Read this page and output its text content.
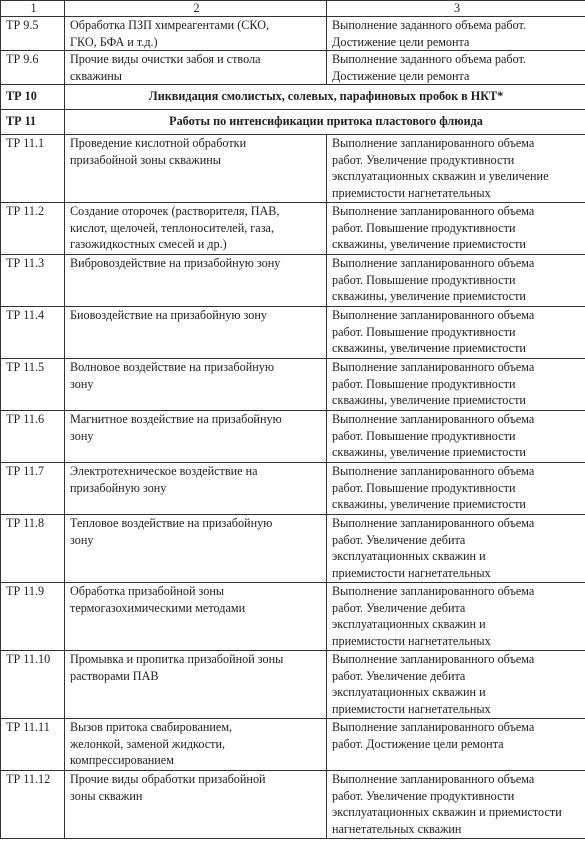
1	2	3
ТР 9.5	Обработка ПЗП химреагентами (СКО,
ГКО, БФА и т.д.)	Выполнение заданного объема работ.
Достижение цели ремонта

ТР 9.6	Прочие виды очистки забоя и ствола
скважины	Выполнение заданного объема работ.
Достижение цели ремонта

ТР 10	Ликвидация смолистых, солевых, парафиновых пробок в НКТ*	
ТР 11	Работы по интенсификации притока пластового флюида	
ТР 11.1	Проведение кислотной обработки
призабойной зоны скважины	Выполнение запланированного объема
работ. Увеличение продуктивности
эксплуатационных скважин и увеличение
приемистости нагнетательных

ТР 11.2	Создание оторочек (растворителя, ПАВ,
кислот, щелочей, теплоносителей, газа,
газожидкостных смесей и др.)	Выполнение запланированного объема
работ. Повышение продуктивности
скважины, увеличение приемистости

ТР 11.3	Вибровоздействие на призабойную зону	Выполнение запланированного объема
работ. Повышение продуктивности
скважины, увеличение приемистости

ТР 11.4	Биовоздействие на призабойную зону	Выполнение запланированного объема
работ. Повышение продуктивности
скважины, увеличение приемистости

ТР 11.5	Волновое воздействие на призабойную
зону	Выполнение запланированного объема
работ. Повышение продуктивности
скважины, увеличение приемистости

ТР 11.6	Магнитное воздействие на призабойную
зону	Выполнение запланированного объема
работ. Повышение продуктивности
скважины, увеличение приемистости

ТР 11.7	Электротехническое воздействие на
призабойную зону	Выполнение запланированного объема
работ. Повышение продуктивности
скважины, увеличение приемистости

ТР 11.8	Тепловое воздействие на призабойную
зону	Выполнение запланированного объема
работ. Увеличение дебита
эксплуатационных скважин и
приемистости нагнетательных

ТР 11.9	Обработка призабойной зоны
термогазохимическими методами	Выполнение запланированного объема
работ. Увеличение дебита
эксплуатационных скважин и
приемистости нагнетательных

ТР 11.10	Промывка и пропитка призабойной зоны
растворами ПАВ	Выполнение запланированного объема
работ. Увеличение дебита
эксплуатационных скважин и
приемистости нагнетательных

ТР 11.11	Вызов притока свабированием,
желонкой, заменой жидкости,
компрессированием	Выполнение запланированного объема
работ. Достижение цели ремонта

ТР 11.12	Прочие виды обработки призабойной
зоны скважин	Выполнение запланированного объема
работ. Увеличение продуктивности
эксплуатационных скважин и приемистости
нагнетательных скважин
